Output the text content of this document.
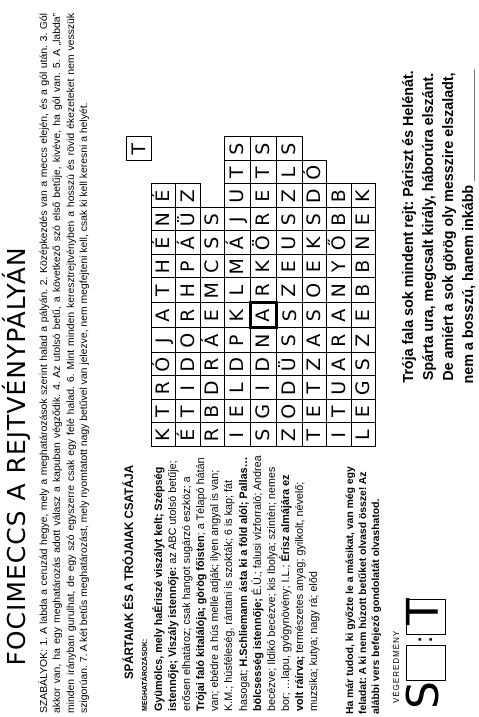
FOCIMECCS A REJTVÉNYPÁLYÁN SZABÁLYOK: 1. A labda a ceruzád hegye, mely a meghatározások szerint halad a pályán. 2. Középkezdés van a meccs elején, és a gól után. 3. Gól akkor van, ha egy meghatározás adott válasz a kapuban végződik. 4. Az utolsó betű, a következő szó első betűje, kivéve, ha gól van. 5. A „labda” minden irányban gurulhat, de egy szó egyszerre csak egy felé halad. 6. Mint minden keresztrejtvényben a hosszú és rövid ékezeteket nem vesszük szigorúan. 7. A két betűs meghatározást, mely nyomtatott nagy betűvel van jelezve, nem megfejteni kell, csak ki kell keresni a helyét.	SPÁRTAIAK ÉS A TRÓJAIAK CSATÁJA MEGHATÁROZÁSOK: Gyümölcs, mely haÉriszé viszályt kelt; Szépség istennője; Viszály istennője: az ABC utolsó betűje; erősen elhatároz; csak hangot sugárzó eszköz; a Trójai faló kitalálója; görög főisten; a Télapó hátán van; ebédre a hús mellé adják; ilyen angyal is van; K.M.; húsféleség, rántani is szokták; 6 is kap; fát hasogat; H.Schliemann ásta ki a föld alól; Pallas… bölcsesség istennője; É.Ú.; falusi vízforraló; Andrea becézve; Ildikó becézve; kis Ibolya; szintén; nemes bor; …lapu, gyógynövény; I.L.; Érisz almájára ez volt ráírva; természetes anyag; gyilkolt, névelő; muzsika; kutya; nagy rá; előd Ha már tudod, ki győzte le a másikat, van még egy feladat: A ki nem húzott betűket olvasd össze! Az alábbi vers befejező gondolatát olvashatod.
												T
K	T	R	Ó	J	A	T	H	É	N	É		
É	T	I	D	O	R	H	P	Á	Ü	Z		
R	B	D	R	Á	E	M	C	S	S			
I	E	L	D	P	K	L	M	Á	J	U	T	S
S	G	I	D	N	A	R	K	Ö	R	E	T	S
Z	O	D	Ü	S	S	Z	E	U	S	Z	L	S
T	E	T	Z	A	S	O	E	K	S	D	Ó	
I	T	U	A	R	A	N	Y	Ő	B	B		
L	E	G	S	Z	E	B	B	N	E	K		Trója fala sok mindent rejt: Páriszt és Helénát. Spárta ura, megcsalt király, háborúra elszánt. De amiért a sok görög oly messzire elszaladt, nem a bosszú, hanem inkább ______________
VÉGEREDMÉNY
S
:
T
